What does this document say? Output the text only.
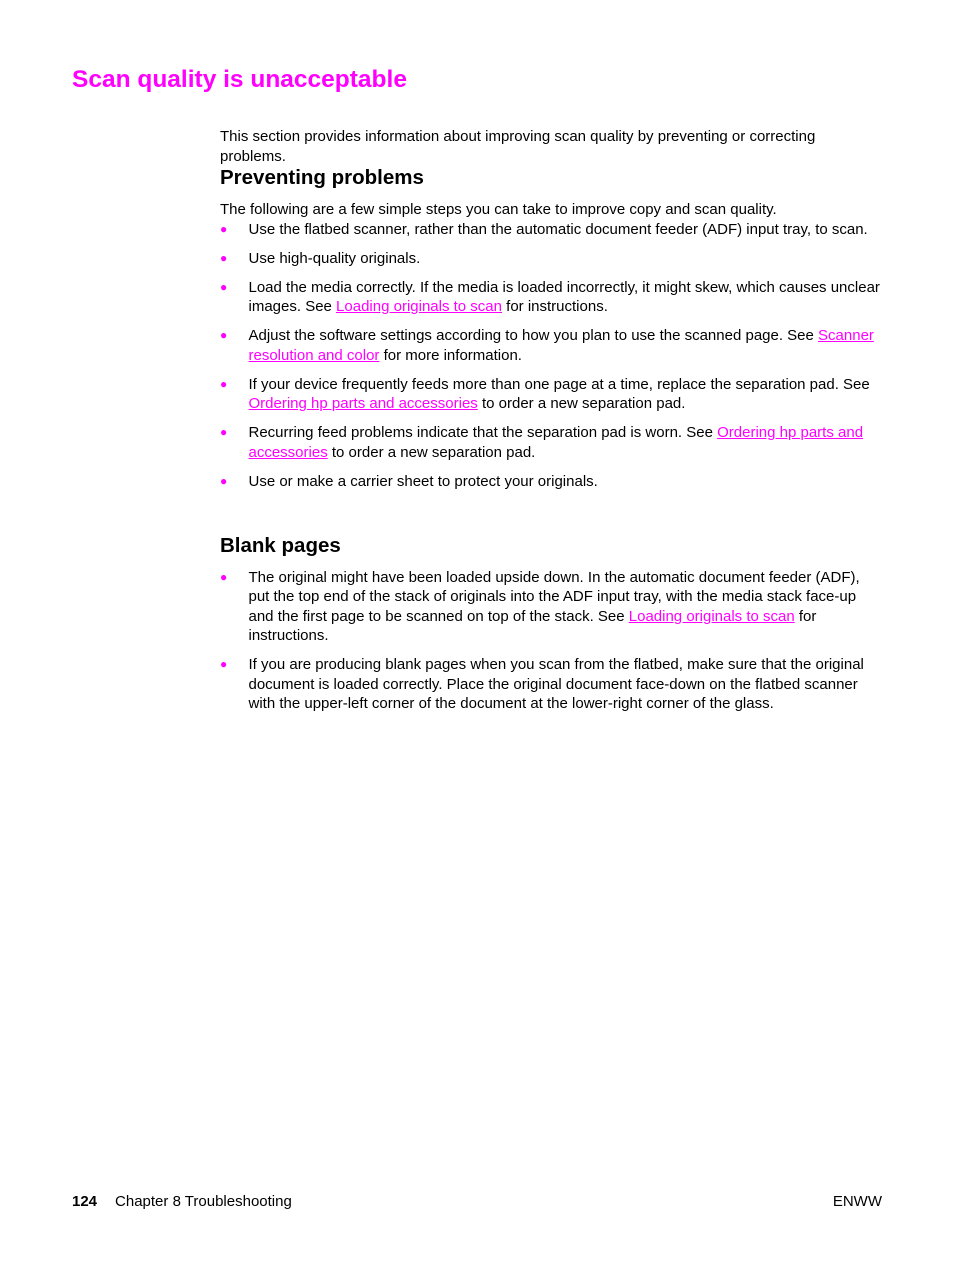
Scan quality is unacceptable

This section provides information about improving scan quality by preventing or correcting problems.

Preventing problems

The following are a few simple steps you can take to improve copy and scan quality.

● Use the flatbed scanner, rather than the automatic document feeder (ADF) input tray, to scan.
● Use high-quality originals.
● Load the media correctly. If the media is loaded incorrectly, it might skew, which causes unclear images. See Loading originals to scan for instructions.
● Adjust the software settings according to how you plan to use the scanned page. See Scanner resolution and color for more information.
● If your device frequently feeds more than one page at a time, replace the separation pad. See Ordering hp parts and accessories to order a new separation pad.
● Recurring feed problems indicate that the separation pad is worn. See Ordering hp parts and accessories to order a new separation pad.
● Use or make a carrier sheet to protect your originals.
Blank pages
● The original might have been loaded upside down. In the automatic document feeder (ADF), put the top end of the stack of originals into the ADF input tray, with the media stack face-up and the first page to be scanned on top of the stack. See Loading originals to scan for instructions.
● If you are producing blank pages when you scan from the flatbed, make sure that the original document is loaded correctly. Place the original document face-down on the flatbed scanner with the upper-left corner of the document at the lower-right corner of the glass.
124 Chapter 8 Troubleshooting	ENWW
